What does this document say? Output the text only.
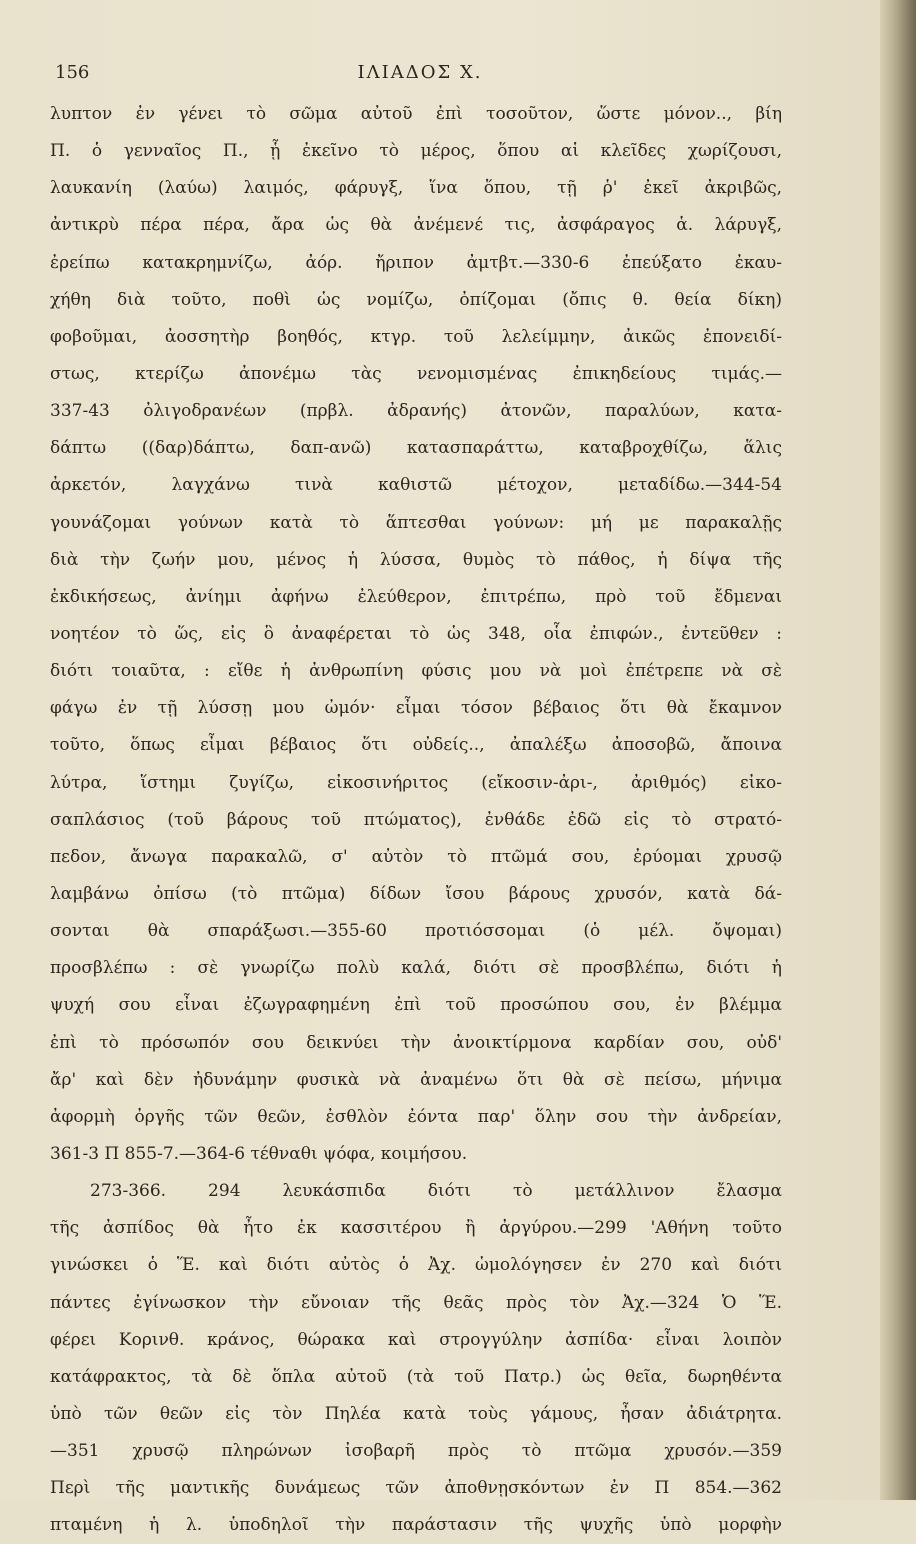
156	ΙΛΙΑΔΟΣ Χ.
λυπτον ἐν γένει τὸ σῶμα αὐτοῦ ἐπὶ τοσοῦτον, ὥστε μόνον.., βίη
Π. ὁ γενναῖος Π., ᾗ ἐκεῖνο τὸ μέρος, ὅπου αἱ κλεῖδες χωρίζουσι,
λαυκανίη (λαύω) λαιμός, φάρυγξ, ἵνα ὅπου, τῇ ῥ' ἐκεῖ ἀκριβῶς,
ἀντικρὺ πέρα πέρα, ἄρα ὡς θὰ ἀνέμενέ τις, ἀσφάραγος ἁ. λάρυγξ,
ἐρείπω κατακρημνίζω, ἀόρ. ἤριπον ἀμτβτ.—330-6 ἐπεύξατο ἐκαυ-
χήθη διὰ τοῦτο, ποθὶ ὡς νομίζω, ὀπίζομαι (ὄπις θ. θεία δίκη)
φοβοῦμαι, ἀοσσητὴρ βοηθός, κτγρ. τοῦ λελείμμην, ἀικῶς ἐπονειδί-
στως, κτερίζω ἀπονέμω τὰς νενομισμένας ἐπικηδείους τιμάς.—
337-43 ὀλιγοδρανέων (πρβλ. ἀδρανής) ἀτονῶν, παραλύων, κατα-
δάπτω ((δαρ)δάπτω, δαπ-ανῶ) κατασπαράττω, καταβροχθίζω, ἅλις
ἀρκετόν, λαγχάνω τινὰ καθιστῶ μέτοχον, μεταδίδω.—344-54
γουνάζομαι γούνων κατὰ τὸ ἅπτεσθαι γούνων: μή με παρακαλῇς
διὰ τὴν ζωήν μου, μένος ἡ λύσσα, θυμὸς τὸ πάθος, ἡ δίψα τῆς
ἐκδικήσεως, ἀνίημι ἀφήνω ἐλεύθερον, ἐπιτρέπω, πρὸ τοῦ ἔδμεναι
νοητέον τὸ ὥς, εἰς ὃ ἀναφέρεται τὸ ὡς 348, οἷα ἐπιφών., ἐντεῦθεν :
διότι τοιαῦτα, : εἴθε ἡ ἀνθρωπίνη φύσις μου νὰ μοὶ ἐπέτρεπε νὰ σὲ
φάγω ἐν τῇ λύσσῃ μου ὠμόν· εἶμαι τόσον βέβαιος ὅτι θὰ ἔκαμνον
τοῦτο, ὅπως εἶμαι βέβαιος ὅτι οὐδείς.., ἀπαλέξω ἀποσοβῶ, ἄποινα
λύτρα, ἵστημι ζυγίζω, εἰκοσινήριτος (εἴκοσιν-ἀρι-, ἀριθμός) εἰκο-
σαπλάσιος (τοῦ βάρους τοῦ πτώματος), ἐνθάδε ἐδῶ εἰς τὸ στρατό-
πεδον, ἄνωγα παρακαλῶ, σ' αὐτὸν τὸ πτῶμά σου, ἐρύομαι χρυσῷ
λαμβάνω ὀπίσω (τὸ πτῶμα) δίδων ἴσου βάρους χρυσόν, κατὰ δά-
σονται θὰ σπαράξωσι.—355-60 προτιόσσομαι (ὁ μέλ. ὄψομαι)
προσβλέπω : σὲ γνωρίζω πολὺ καλά, διότι σὲ προσβλέπω, διότι ἡ
ψυχή σου εἶναι ἐζωγραφημένη ἐπὶ τοῦ προσώπου σου, ἐν βλέμμα
ἐπὶ τὸ πρόσωπόν σου δεικνύει τὴν ἀνοικτίρμονα καρδίαν σου, οὐδ'
ἄρ' καὶ δὲν ἠδυνάμην φυσικὰ νὰ ἀναμένω ὅτι θὰ σὲ πείσω, μήνιμα
ἀφορμὴ ὀργῆς τῶν θεῶν, ἐσθλὸν ἐόντα παρ' ὅλην σου τὴν ἀνδρείαν,
361-3 Π 855-7.—364-6 τέθναθι ψόφα, κοιμήσου.
273-366. 294 λευκάσπιδα διότι τὸ μετάλλινον ἔλασμα
τῆς ἀσπίδος θὰ ἦτο ἐκ κασσιτέρου ἢ ἀργύρου.—299 'Αθήνη τοῦτο
γινώσκει ὁ Ἕ. καὶ διότι αὐτὸς ὁ Ἀχ. ὡμολόγησεν ἐν 270 καὶ διότι
πάντες ἐγίνωσκον τὴν εὔνοιαν τῆς θεᾶς πρὸς τὸν Ἀχ.—324 Ὁ Ἕ.
φέρει Κορινθ. κράνος, θώρακα καὶ στρογγύλην ἀσπίδα· εἶναι λοιπὸν
κατάφρακτος, τὰ δὲ ὅπλα αὐτοῦ (τὰ τοῦ Πατρ.) ὡς θεῖα, δωρηθέντα
ὑπὸ τῶν θεῶν εἰς τὸν Πηλέα κατὰ τοὺς γάμους, ἦσαν ἀδιάτρητα.
—351 χρυσῷ πληρώνων ἰσοβαρῆ πρὸς τὸ πτῶμα χρυσόν.—359
Περὶ τῆς μαντικῆς δυνάμεως τῶν ἀποθνῃσκόντων ἐν Π 854.—362
πταμένη ἡ λ. ὑποδηλοῖ τὴν παράστασιν τῆς ψυχῆς ὑπὸ μορφὴν
